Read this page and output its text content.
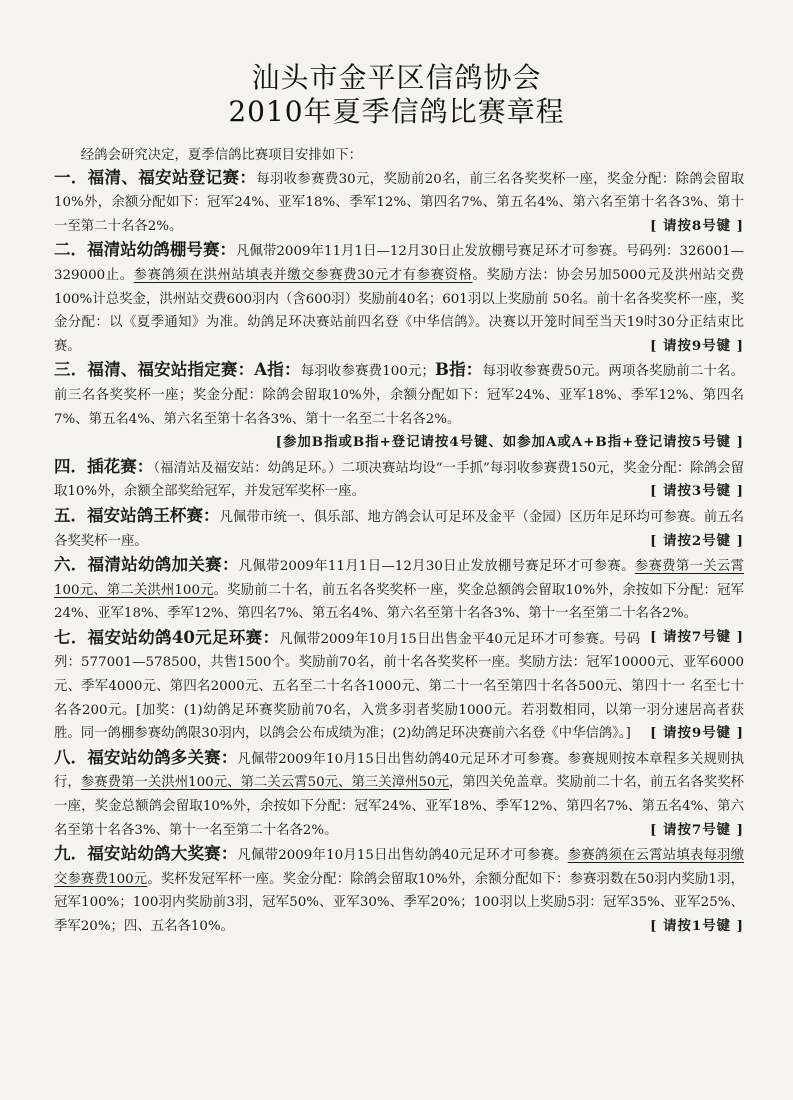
汕头市金平区信鸽协会
2010年夏季信鸽比赛章程

经鸽会研究决定，夏季信鸽比赛项目安排如下：

一．福清、福安站登记赛：每羽收参赛费30元，奖励前20名，前三名各奖奖杯一座，奖金分配：除鸽会留取10%外，余额分配如下：冠军24%、亚军18%、季军12%、第四名7%、第五名4%、第六名至第十名各3%、第十一至第二十名各2%。	[ 请按8号键 ]

二．福清站幼鸽棚号赛：凡佩带2009年11月1日—12月30日止发放棚号赛足环才可参赛。号码列：326001—329000止。参赛鸽须在洪州站填表并缴交参赛费30元才有参赛资格。奖励方法：协会另加5000元及洪州站交费100%计总奖金，洪州站交费600羽内（含600羽）奖励前40名；601羽以上奖励前 50名。前十名各奖奖杯一座，奖金分配：以《夏季通知》为准。幼鸽足环决赛站前四名登《中华信鸽》。决赛以开笼时间至当天19时30分正结束比赛。	[ 请按9号键 ]

三．福清、福安站指定赛：A指：每羽收参赛费100元；B指：每羽收参赛费50元。两项各奖励前二十名。前三名各奖奖杯一座；奖金分配：除鸽会留取10%外，余额分配如下：冠军24%、亚军18%、季军12%、第四名7%、第五名4%、第六名至第十名各3%、第十一名至二十名各2%。

[参加B指或B指+登记请按4号键、如参加A或A+B指+登记请按5号键 ]

四．插花赛：（福清站及福安站：幼鸽足环。）二项决赛站均设“一手抓”每羽收参赛费150元，奖金分配：除鸽会留取10%外，余额全部奖给冠军，并发冠军奖杯一座。	[ 请按3号键 ]

五．福安站鸽王杯赛：凡佩带市统一、俱乐部、地方鸽会认可足环及金平（金园）区历年足环均可参赛。前五名各奖奖杯一座。	[ 请按2号键 ]

六．福清站幼鸽加关赛：凡佩带2009年11月1日—12月30日止发放棚号赛足环才可参赛。参赛费第一关云霄100元、第二关洪州100元。奖励前二十名，前五名各奖奖杯一座，奖金总额鸽会留取10%外，余按如下分配：冠军24%、亚军18%、季军12%、第四名7%、第五名4%、第六名至第十名各3%、第十一名至第二十名各2%。
[ 请按7号键 ]

七．福安站幼鸽40元足环赛：凡佩带2009年10月15日出售金平40元足环才可参赛。号码列：577001—578500，共售1500个。奖励前70名，前十名各奖奖杯一座。奖励方法：冠军10000元、亚军6000元、季军4000元、第四名2000元、五名至二十名各1000元、第二十一名至第四十名各500元、第四十一 名至七十名各200元。[加奖：(1)幼鸽足环赛奖励前70名，入赏多羽者奖励1000元。若羽数相同，以第一羽分速居高者获胜。同一鸽棚参赛幼鸽限30羽内，以鸽会公布成绩为准；(2)幼鸽足环决赛前六名登《中华信鸽》。] [ 请按9号键 ]

八．福安站幼鸽多关赛：凡佩带2009年10月15日出售幼鸽40元足环才可参赛。参赛规则按本章程多关规则执行，参赛费第一关洪州100元、第二关云霄50元、第三关漳州50元，第四关免盖章。奖励前二十名，前五名各奖奖杯一座，奖金总额鸽会留取10%外，余按如下分配：冠军24%、亚军18%、季军12%、第四名7%、第五名4%、第六名至第十名各3%、第十一名至第二十名各2%。	[ 请按7号键 ]

九．福安站幼鸽大奖赛：凡佩带2009年10月15日出售幼鸽40元足环才可参赛。参赛鸽须在云霄站填表每羽缴交参赛费100元。奖杯发冠军杯一座。奖金分配：除鸽会留取10%外，余额分配如下：参赛羽数在50羽内奖励1羽，冠军100%；100羽内奖励前3羽，冠军50%、亚军30%、季军20%；100羽以上奖励5羽：冠军35%、亚军25%、季军20%；四、五名各10%。	[ 请按1号键 ]
